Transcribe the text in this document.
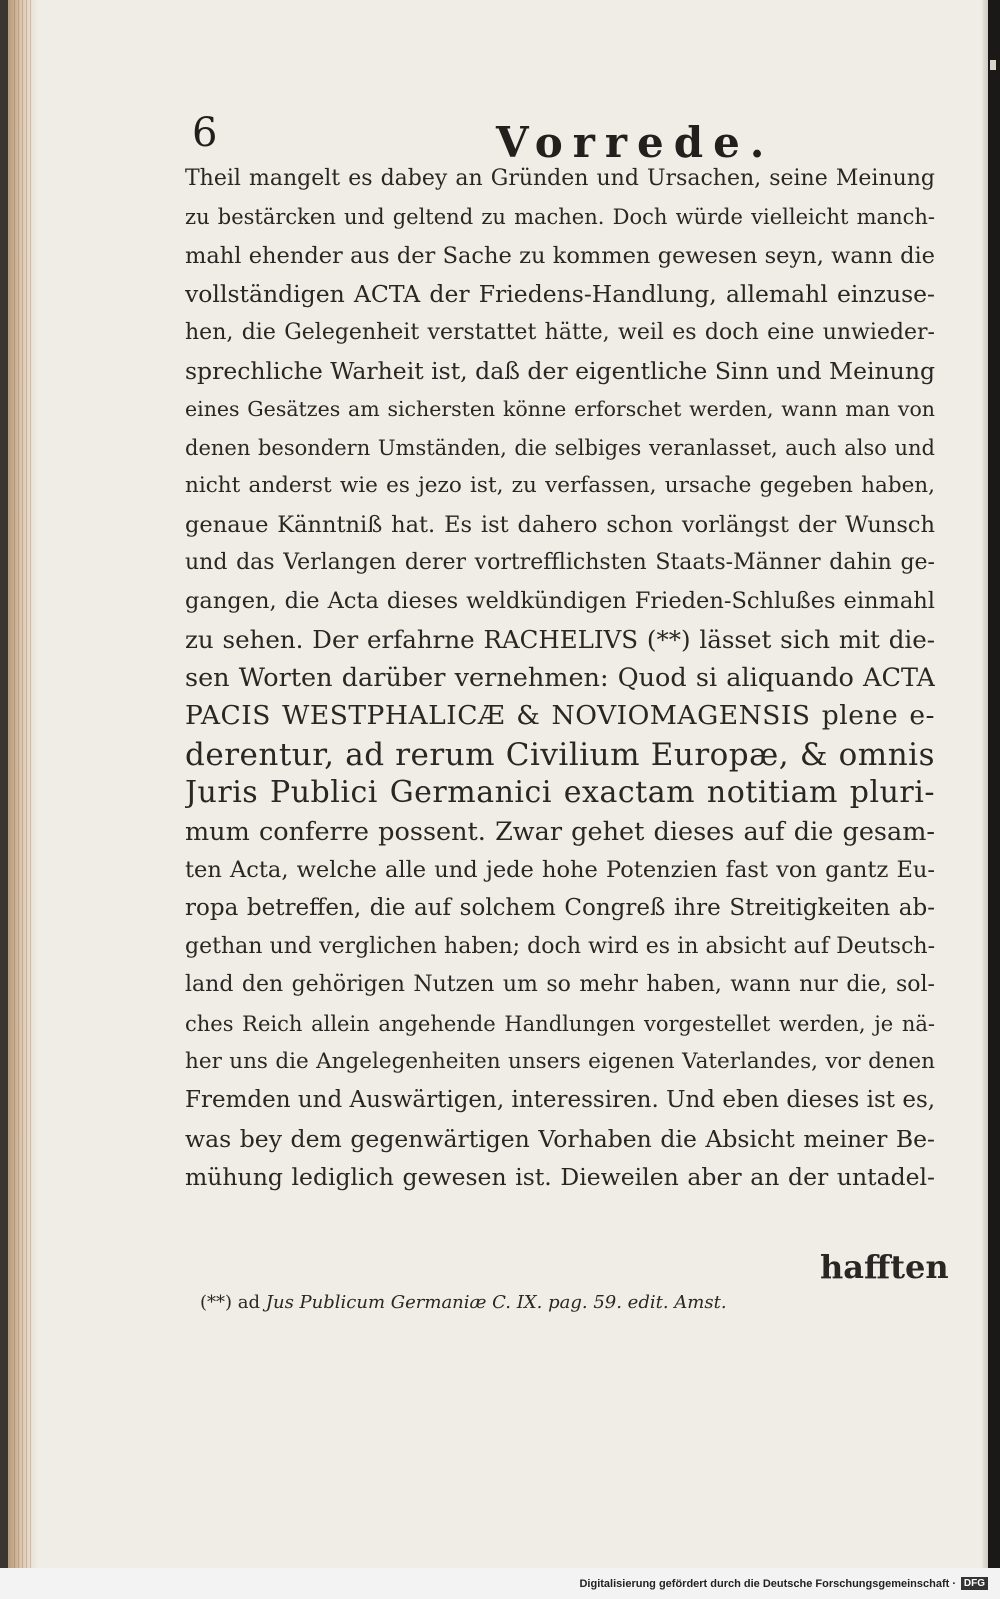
6	Vorrede.
Theil mangelt es dabey an Gründen und Ursachen, seine Meinung
zu bestärcken und geltend zu machen. Doch würde vielleicht manch-
mahl ehender aus der Sache zu kommen gewesen seyn, wann die
vollständigen ACTA der Friedens-Handlung, allemahl einzuse-
hen, die Gelegenheit verstattet hätte, weil es doch eine unwieder-
sprechliche Warheit ist, daß der eigentliche Sinn und Meinung
eines Gesätzes am sichersten könne erforschet werden, wann man von
denen besondern Umständen, die selbiges veranlasset, auch also und
nicht anderst wie es jezo ist, zu verfassen, ursache gegeben haben,
genaue Känntniß hat. Es ist dahero schon vorlängst der Wunsch
und das Verlangen derer vortrefflichsten Staats-Männer dahin ge-
gangen, die Acta dieses weldkündigen Frieden-Schlußes einmahl
zu sehen. Der erfahrne RACHELIVS (**) lässet sich mit die-
sen Worten darüber vernehmen: Quod si aliquando ACTA
PACIS WESTPHALICÆ & NOVIOMAGENSIS plene e-
derentur, ad rerum Civilium Europæ, & omnis
Juris Publici Germanici exactam notitiam pluri-
mum conferre possent. Zwar gehet dieses auf die gesam-
ten Acta, welche alle und jede hohe Potenzien fast von gantz Eu-
ropa betreffen, die auf solchem Congreß ihre Streitigkeiten ab-
gethan und verglichen haben; doch wird es in absicht auf Deutsch-
land den gehörigen Nutzen um so mehr haben, wann nur die, sol-
ches Reich allein angehende Handlungen vorgestellet werden, je nä-
her uns die Angelegenheiten unsers eigenen Vaterlandes, vor denen
Fremden und Auswärtigen, interessiren. Und eben dieses ist es,
was bey dem gegenwärtigen Vorhaben die Absicht meiner Be-
mühung lediglich gewesen ist. Dieweilen aber an der untadel-
hafften
(**) ad Jus Publicum Germaniæ C. IX. pag. 59. edit. Amst.
Digitalisierung gefördert durch die Deutsche Forschungsgemeinschaft · DFG
